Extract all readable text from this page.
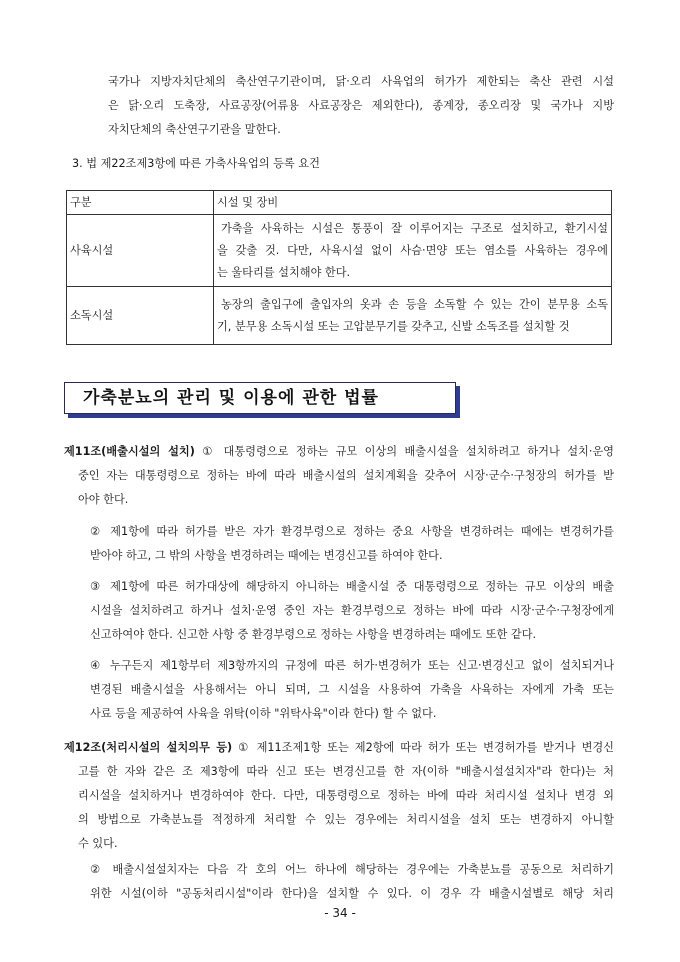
국가나 지방자치단체의 축산연구기관이며, 닭·오리 사육업의 허가가 제한되는 축산 관련 시설

은 닭·오리 도축장, 사료공장(어류용 사료공장은 제외한다), 종계장, 종오리장 및 국가나 지방

자치단체의 축산연구기관을 말한다.

3. 법 제22조제3항에 따른 가축사육업의 등록 요건
구분	시설 및 장비
사육시설	가축을 사육하는 시설은 통풍이 잘 이루어지는 구조로 설치하고, 환기시설
을 갖출 것. 다만, 사육시설 없이 사슴·면양 또는 염소를 사육하는 경우에
는 울타리를 설치해야 한다.

소독시설	농장의 출입구에 출입자의 옷과 손 등을 소독할 수 있는 간이 분무용 소독
기, 분무용 소독시설 또는 고압분무기를 갖추고, 신발 소독조를 설치할 것
가축분뇨의 관리 및 이용에 관한 법률

제11조(배출시설의 설치) ① 대통령령으로 정하는 규모 이상의 배출시설을 설치하려고 하거나 설치·운영

중인 자는 대통령령으로 정하는 바에 따라 배출시설의 설치계획을 갖추어 시장·군수·구청장의 허가를 받

아야 한다.

② 제1항에 따라 허가를 받은 자가 환경부령으로 정하는 중요 사항을 변경하려는 때에는 변경허가를

받아야 하고, 그 밖의 사항을 변경하려는 때에는 변경신고를 하여야 한다.

③ 제1항에 따른 허가대상에 해당하지 아니하는 배출시설 중 대통령령으로 정하는 규모 이상의 배출

시설을 설치하려고 하거나 설치·운영 중인 자는 환경부령으로 정하는 바에 따라 시장·군수·구청장에게

신고하여야 한다. 신고한 사항 중 환경부령으로 정하는 사항을 변경하려는 때에도 또한 같다.

④ 누구든지 제1항부터 제3항까지의 규정에 따른 허가·변경허가 또는 신고·변경신고 없이 설치되거나

변경된 배출시설을 사용해서는 아니 되며, 그 시설을 사용하여 가축을 사육하는 자에게 가축 또는

사료 등을 제공하여 사육을 위탁(이하 "위탁사육"이라 한다) 할 수 없다.

제12조(처리시설의 설치의무 등) ① 제11조제1항 또는 제2항에 따라 허가 또는 변경허가를 받거나 변경신

고를 한 자와 같은 조 제3항에 따라 신고 또는 변경신고를 한 자(이하 "배출시설설치자"라 한다)는 처

리시설을 설치하거나 변경하여야 한다. 다만, 대통령령으로 정하는 바에 따라 처리시설 설치나 변경 외

의 방법으로 가축분뇨를 적정하게 처리할 수 있는 경우에는 처리시설을 설치 또는 변경하지 아니할

수 있다.

② 배출시설설치자는 다음 각 호의 어느 하나에 해당하는 경우에는 가축분뇨를 공동으로 처리하기

위한 시설(이하 "공동처리시설"이라 한다)을 설치할 수 있다. 이 경우 각 배출시설별로 해당 처리

- 34 -
